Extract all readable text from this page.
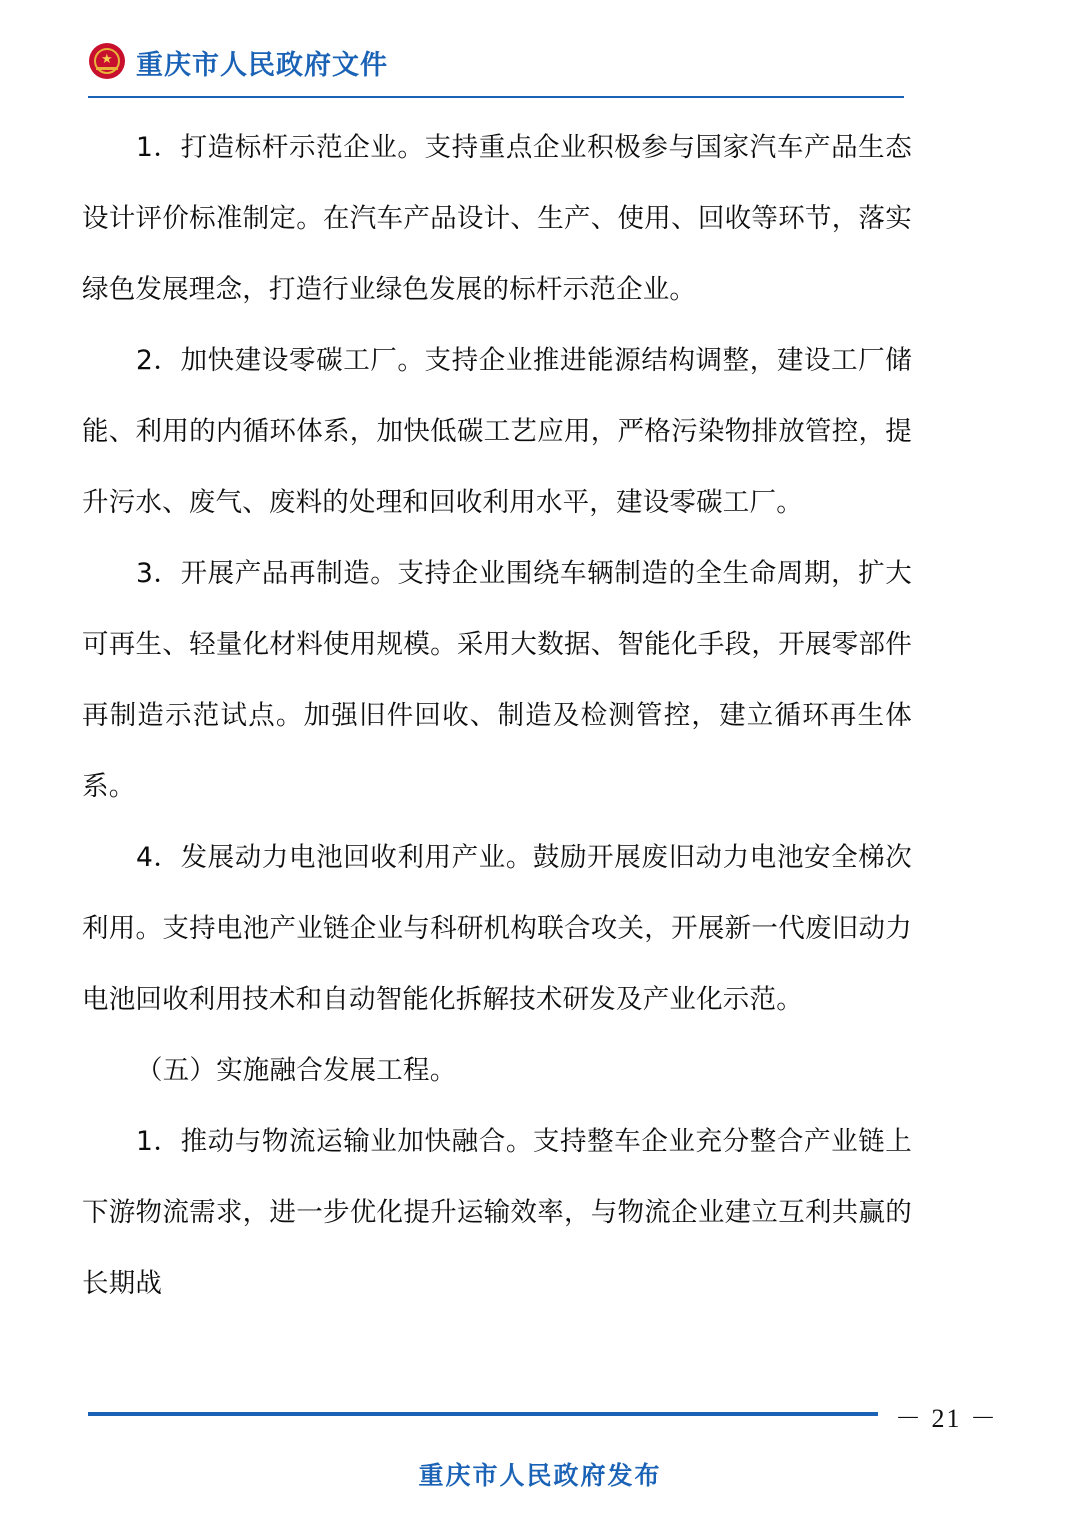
★ 重庆市人民政府文件

1．打造标杆示范企业。支持重点企业积极参与国家汽车产品生态设计评价标准制定。在汽车产品设计、生产、使用、回收等环节，落实绿色发展理念，打造行业绿色发展的标杆示范企业。

2．加快建设零碳工厂。支持企业推进能源结构调整，建设工厂储能、利用的内循环体系，加快低碳工艺应用，严格污染物排放管控，提升污水、废气、废料的处理和回收利用水平，建设零碳工厂。

3．开展产品再制造。支持企业围绕车辆制造的全生命周期，扩大可再生、轻量化材料使用规模。采用大数据、智能化手段，开展零部件再制造示范试点。加强旧件回收、制造及检测管控，建立循环再生体系。

4．发展动力电池回收利用产业。鼓励开展废旧动力电池安全梯次利用。支持电池产业链企业与科研机构联合攻关，开展新一代废旧动力电池回收利用技术和自动智能化拆解技术研发及产业化示范。

（五）实施融合发展工程。

1．推动与物流运输业加快融合。支持整车企业充分整合产业链上下游物流需求，进一步优化提升运输效率，与物流企业建立互利共赢的长期战

－ 21 －
重庆市人民政府发布
